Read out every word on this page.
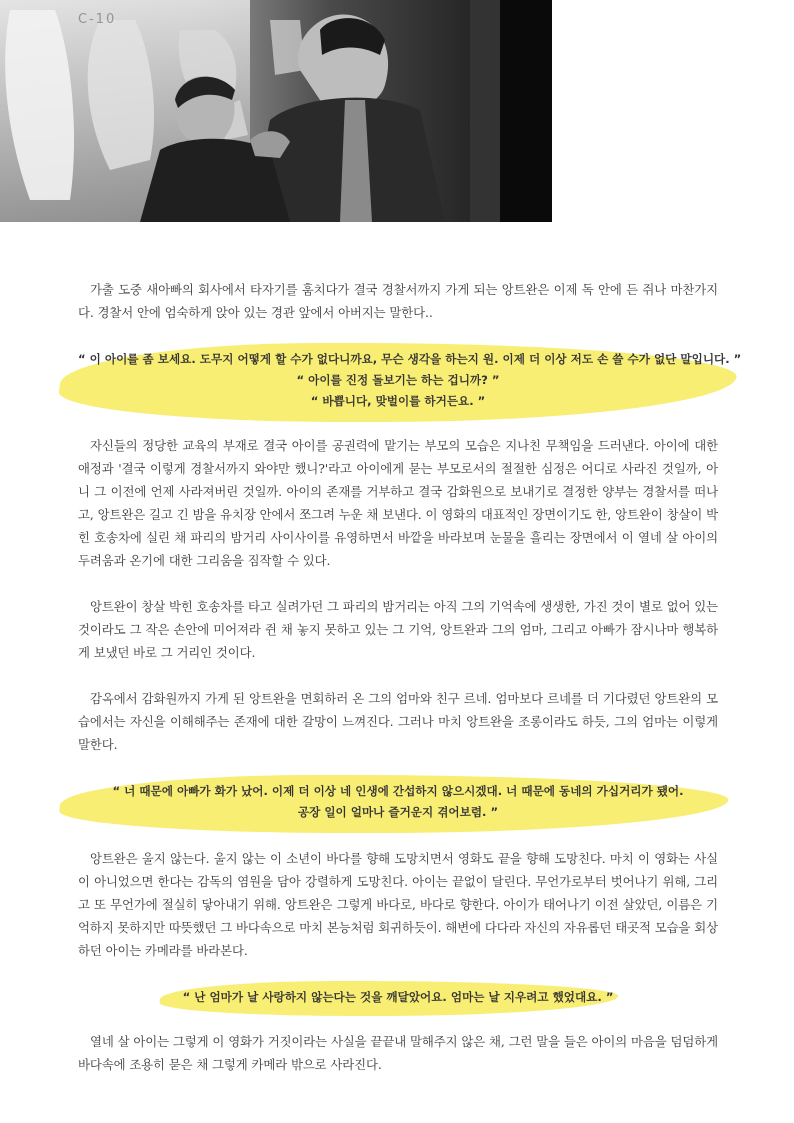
C-10

가출 도중 새아빠의 회사에서 타자기를 훔치다가 결국 경찰서까지 가게 되는 앙트완은 이제 독 안에 든 쥐나 마찬가지다. 경찰서 안에 엄숙하게 앉아 있는 경관 앞에서 아버지는 말한다..

“ 이 아이를 좀 보세요. 도무지 어떻게 할 수가 없다니까요, 무슨 생각을 하는지 원. 이제 더 이상 저도 손 쓸 수가 없단 말입니다. ”
“ 아이를 진정 돌보기는 하는 겁니까? ”
“ 바쁩니다, 맞벌이를 하거든요. ”

자신들의 정당한 교육의 부재로 결국 아이를 공권력에 맡기는 부모의 모습은 지나친 무책임을 드러낸다. 아이에 대한 애정과 '결국 이렇게 경찰서까지 와야만 했니?'라고 아이에게 묻는 부모로서의 절절한 심정은 어디로 사라진 것일까, 아니 그 이전에 언제 사라져버린 것일까. 아이의 존재를 거부하고 결국 감화원으로 보내기로 결정한 양부는 경찰서를 떠나고, 앙트완은 길고 긴 밤을 유치장 안에서 쪼그려 누운 채 보낸다. 이 영화의 대표적인 장면이기도 한, 앙트완이 창살이 박힌 호송차에 실린 채 파리의 밤거리 사이사이를 유영하면서 바깥을 바라보며 눈물을 흘리는 장면에서 이 열네 살 아이의 두려움과 온기에 대한 그리움을 짐작할 수 있다.

앙트완이 창살 박힌 호송차를 타고 실려가던 그 파리의 밤거리는 아직 그의 기억속에 생생한, 가진 것이 별로 없어 있는 것이라도 그 작은 손안에 미어져라 쥔 채 놓지 못하고 있는 그 기억, 앙트완과 그의 엄마, 그리고 아빠가 잠시나마 행복하게 보냈던 바로 그 거리인 것이다.

감옥에서 감화원까지 가게 된 앙트완을 면회하러 온 그의 엄마와 친구 르네. 엄마보다 르네를 더 기다렸던 앙트완의 모습에서는 자신을 이해해주는 존재에 대한 갈망이 느껴진다. 그러나 마치 앙트완을 조롱이라도 하듯, 그의 엄마는 이렇게 말한다.

“ 너 때문에 아빠가 화가 났어. 이제 더 이상 네 인생에 간섭하지 않으시겠대. 너 때문에 동네의 가십거리가 됐어.
공장 일이 얼마나 즐거운지 겪어보렴. ”

앙트완은 울지 않는다. 울지 않는 이 소년이 바다를 향해 도망치면서 영화도 끝을 향해 도망친다. 마치 이 영화는 사실이 아니었으면 한다는 감독의 염원을 담아 강렬하게 도망친다. 아이는 끝없이 달린다. 무언가로부터 벗어나기 위해, 그리고 또 무언가에 절실히 닿아내기 위해. 앙트완은 그렇게 바다로, 바다로 향한다. 아이가 태어나기 이전 살았던, 이름은 기억하지 못하지만 따뜻했던 그 바다속으로 마치 본능처럼 회귀하듯이. 해변에 다다라 자신의 자유롭던 태곳적 모습을 회상하던 아이는 카메라를 바라본다.

“ 난 엄마가 날 사랑하지 않는다는 것을 깨달았어요. 엄마는 날 지우려고 했었대요. ”

열네 살 아이는 그렇게 이 영화가 거짓이라는 사실을 끝끝내 말해주지 않은 채, 그런 말을 들은 아이의 마음을 덤덤하게 바다속에 조용히 묻은 채 그렇게 카메라 밖으로 사라진다.
